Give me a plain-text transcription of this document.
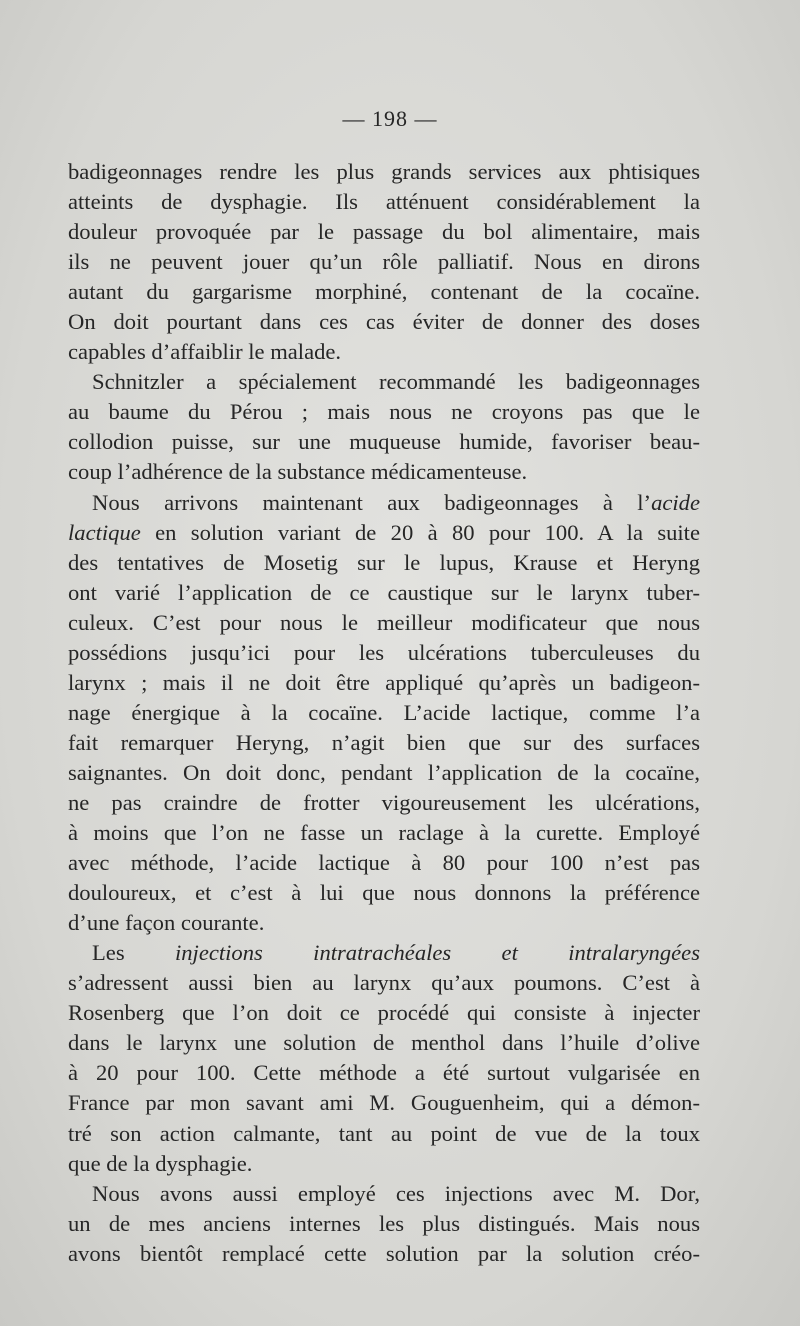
— 198 —
badigeonnages rendre les plus grands services aux phtisiques
atteints de dysphagie. Ils atténuent considérablement la
douleur provoquée par le passage du bol alimentaire, mais
ils ne peuvent jouer qu’un rôle palliatif. Nous en dirons
autant du gargarisme morphiné, contenant de la cocaïne.
On doit pourtant dans ces cas éviter de donner des doses
capables d’affaiblir le malade.
Schnitzler a spécialement recommandé les badigeonnages
au baume du Pérou ; mais nous ne croyons pas que le
collodion puisse, sur une muqueuse humide, favoriser beau-
coup l’adhérence de la substance médicamenteuse.
Nous arrivons maintenant aux badigeonnages à l’acide
lactique en solution variant de 20 à 80 pour 100. A la suite
des tentatives de Mosetig sur le lupus, Krause et Heryng
ont varié l’application de ce caustique sur le larynx tuber-
culeux. C’est pour nous le meilleur modificateur que nous
possédions jusqu’ici pour les ulcérations tuberculeuses du
larynx ; mais il ne doit être appliqué qu’après un badigeon-
nage énergique à la cocaïne. L’acide lactique, comme l’a
fait remarquer Heryng, n’agit bien que sur des surfaces
saignantes. On doit donc, pendant l’application de la cocaïne,
ne pas craindre de frotter vigoureusement les ulcérations,
à moins que l’on ne fasse un raclage à la curette. Employé
avec méthode, l’acide lactique à 80 pour 100 n’est pas
douloureux, et c’est à lui que nous donnons la préférence
d’une façon courante.
Les injections intratrachéales et intralaryngées
s’adressent aussi bien au larynx qu’aux poumons. C’est à
Rosenberg que l’on doit ce procédé qui consiste à injecter
dans le larynx une solution de menthol dans l’huile d’olive
à 20 pour 100. Cette méthode a été surtout vulgarisée en
France par mon savant ami M. Gouguenheim, qui a démon-
tré son action calmante, tant au point de vue de la toux
que de la dysphagie.
Nous avons aussi employé ces injections avec M. Dor,
un de mes anciens internes les plus distingués. Mais nous
avons bientôt remplacé cette solution par la solution créo-
